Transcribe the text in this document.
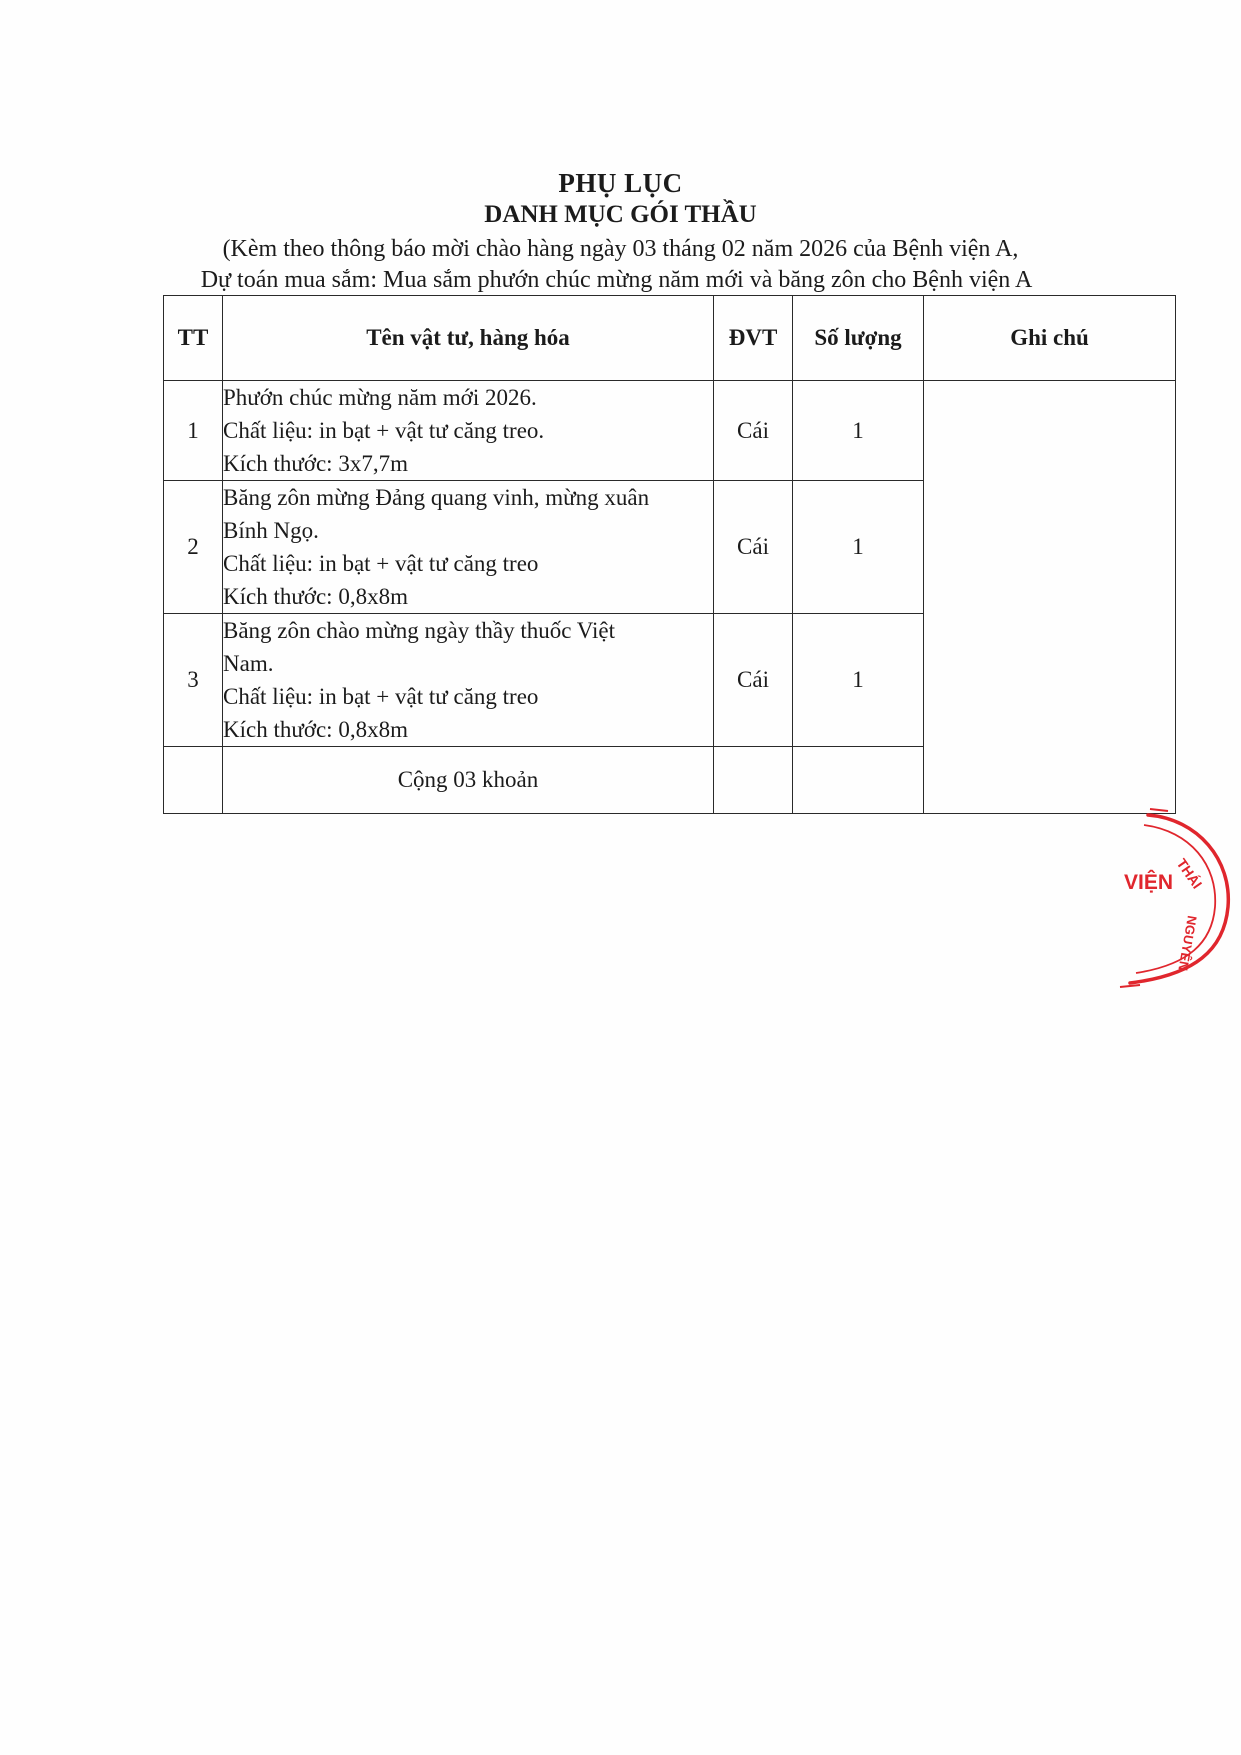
PHỤ LỤC
DANH MỤC GÓI THẦU
(Kèm theo thông báo mời chào hàng ngày 03 tháng 02 năm 2026 của Bệnh viện A,
Dự toán mua sắm: Mua sắm phướn chúc mừng năm mới và băng zôn cho Bệnh viện A
TT	Tên vật tư, hàng hóa	ĐVT	Số lượng	Ghi chú
1	Phướn chúc mừng năm mới 2026.
Chất liệu: in bạt + vật tư căng treo.
Kích thước: 3x7,7m	Cái	1	
2	Băng zôn mừng Đảng quang vinh, mừng xuân
Bính Ngọ.
Chất liệu: in bạt + vật tư căng treo
Kích thước: 0,8x8m	Cái	1	
3	Băng zôn chào mừng ngày thầy thuốc Việt
Nam.
Chất liệu: in bạt + vật tư căng treo
Kích thước: 0,8x8m	Cái	1	
	Cộng 03 khoản			
THÁI
VIỆN
NGUYÊN
